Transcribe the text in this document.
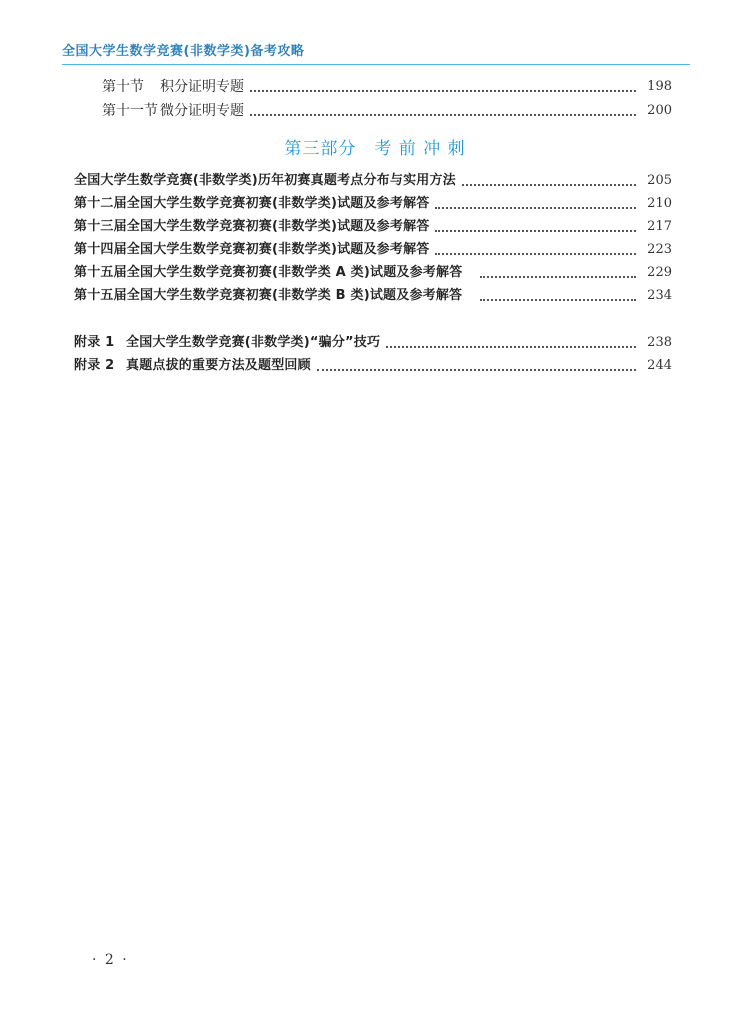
全国大学生数学竞赛(非数学类)备考攻略
第十节 积分证明专题	198
第十一节 微分证明专题	200
第三部分　考 前 冲 刺
全国大学生数学竞赛(非数学类)历年初赛真题考点分布与实用方法	205
第十二届全国大学生数学竞赛初赛(非数学类)试题及参考解答	210
第十三届全国大学生数学竞赛初赛(非数学类)试题及参考解答	217
第十四届全国大学生数学竞赛初赛(非数学类)试题及参考解答	223
第十五届全国大学生数学竞赛初赛(非数学类 A 类)试题及参考解答	229
第十五届全国大学生数学竞赛初赛(非数学类 B 类)试题及参考解答	234
附录 1 全国大学生数学竞赛(非数学类)“骗分”技巧	238
附录 2 真题点拔的重要方法及题型回顾	244
· 2 ·
